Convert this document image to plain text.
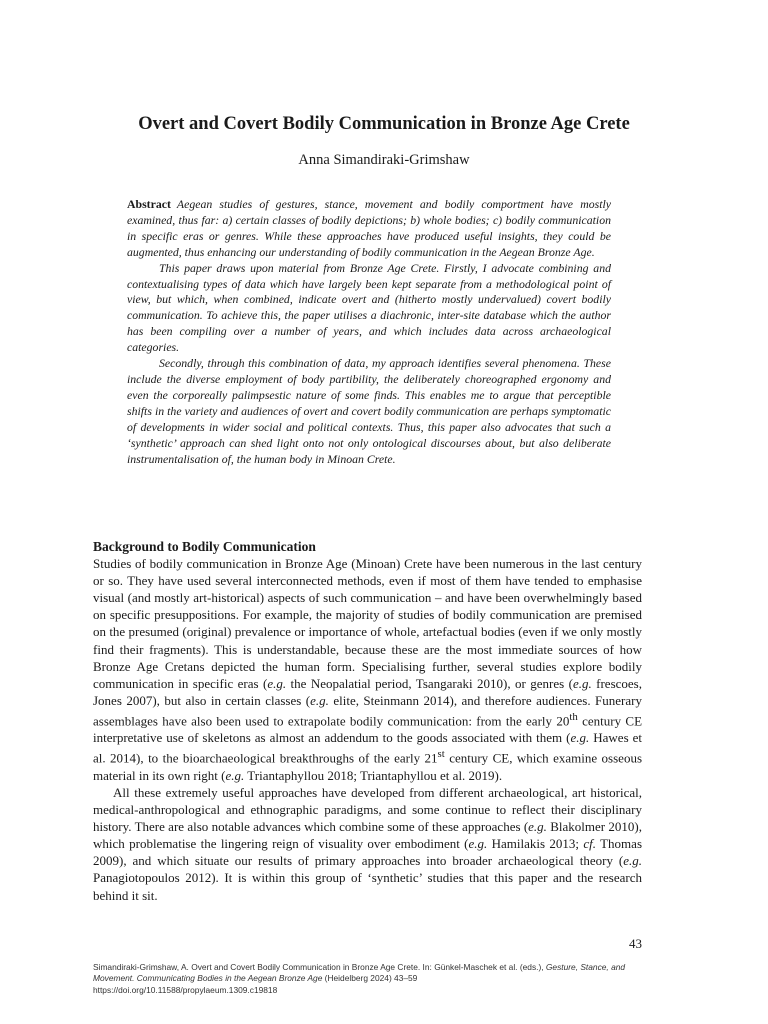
Overt and Covert Bodily Communication in Bronze Age Crete
Anna Simandiraki-Grimshaw

Abstract Aegean studies of gestures, stance, movement and bodily comportment have mostly examined, thus far: a) certain classes of bodily depictions; b) whole bodies; c) bodily communication in specific eras or genres. While these approaches have produced useful insights, they could be augmented, thus enhancing our understanding of bodily communication in the Aegean Bronze Age.

This paper draws upon material from Bronze Age Crete. Firstly, I advocate combining and contextualising types of data which have largely been kept separate from a methodological point of view, but which, when combined, indicate overt and (hitherto mostly undervalued) covert bodily communication. To achieve this, the paper utilises a diachronic, inter-site database which the author has been compiling over a number of years, and which includes data across archaeological categories.

Secondly, through this combination of data, my approach identifies several phenomena. These include the diverse employment of body partibility, the deliberately choreographed ergonomy and even the corporeally palimpsestic nature of some finds. This enables me to argue that perceptible shifts in the variety and audiences of overt and covert bodily communication are perhaps symptomatic of developments in wider social and political contexts. Thus, this paper also advocates that such a ‘synthetic’ approach can shed light onto not only ontological discourses about, but also deliberate instrumentalisation of, the human body in Minoan Crete.

Background to Bodily Communication

Studies of bodily communication in Bronze Age (Minoan) Crete have been numerous in the last century or so. They have used several interconnected methods, even if most of them have tended to emphasise visual (and mostly art-historical) aspects of such communication – and have been overwhelmingly based on specific presuppositions. For example, the majority of studies of bodily communication are premised on the presumed (original) prevalence or importance of whole, artefactual bodies (even if we only mostly find their fragments). This is understandable, because these are the most immediate sources of how Bronze Age Cretans depicted the human form. Specialising further, several studies explore bodily communication in specific eras (e.g. the Neopalatial period, Tsangaraki 2010), or genres (e.g. frescoes, Jones 2007), but also in certain classes (e.g. elite, Steinmann 2014), and therefore audiences. Funerary assemblages have also been used to extrapolate bodily communication: from the early 20th century CE interpretative use of skeletons as almost an addendum to the goods associated with them (e.g. Hawes et al. 2014), to the bioarchaeological breakthroughs of the early 21st century CE, which examine osseous material in its own right (e.g. Triantaphyllou 2018; Triantaphyllou et al. 2019).

All these extremely useful approaches have developed from different archaeological, art historical, medical-anthropological and ethnographic paradigms, and some continue to reflect their disciplinary history. There are also notable advances which combine some of these approaches (e.g. Blakolmer 2010), which problematise the lingering reign of visuality over embodiment (e.g. Hamilakis 2013; cf. Thomas 2009), and which situate our results of primary approaches into broader archaeological theory (e.g. Panagiotopoulos 2012). It is within this group of ‘synthetic’ studies that this paper and the research behind it sit.

43
Simandiraki-Grimshaw, A. Overt and Covert Bodily Communication in Bronze Age Crete. In: Günkel-Maschek et al. (eds.), Gesture, Stance, and Movement. Communicating Bodies in the Aegean Bronze Age (Heidelberg 2024) 43–59
https://doi.org/10.11588/propylaeum.1309.c19818
